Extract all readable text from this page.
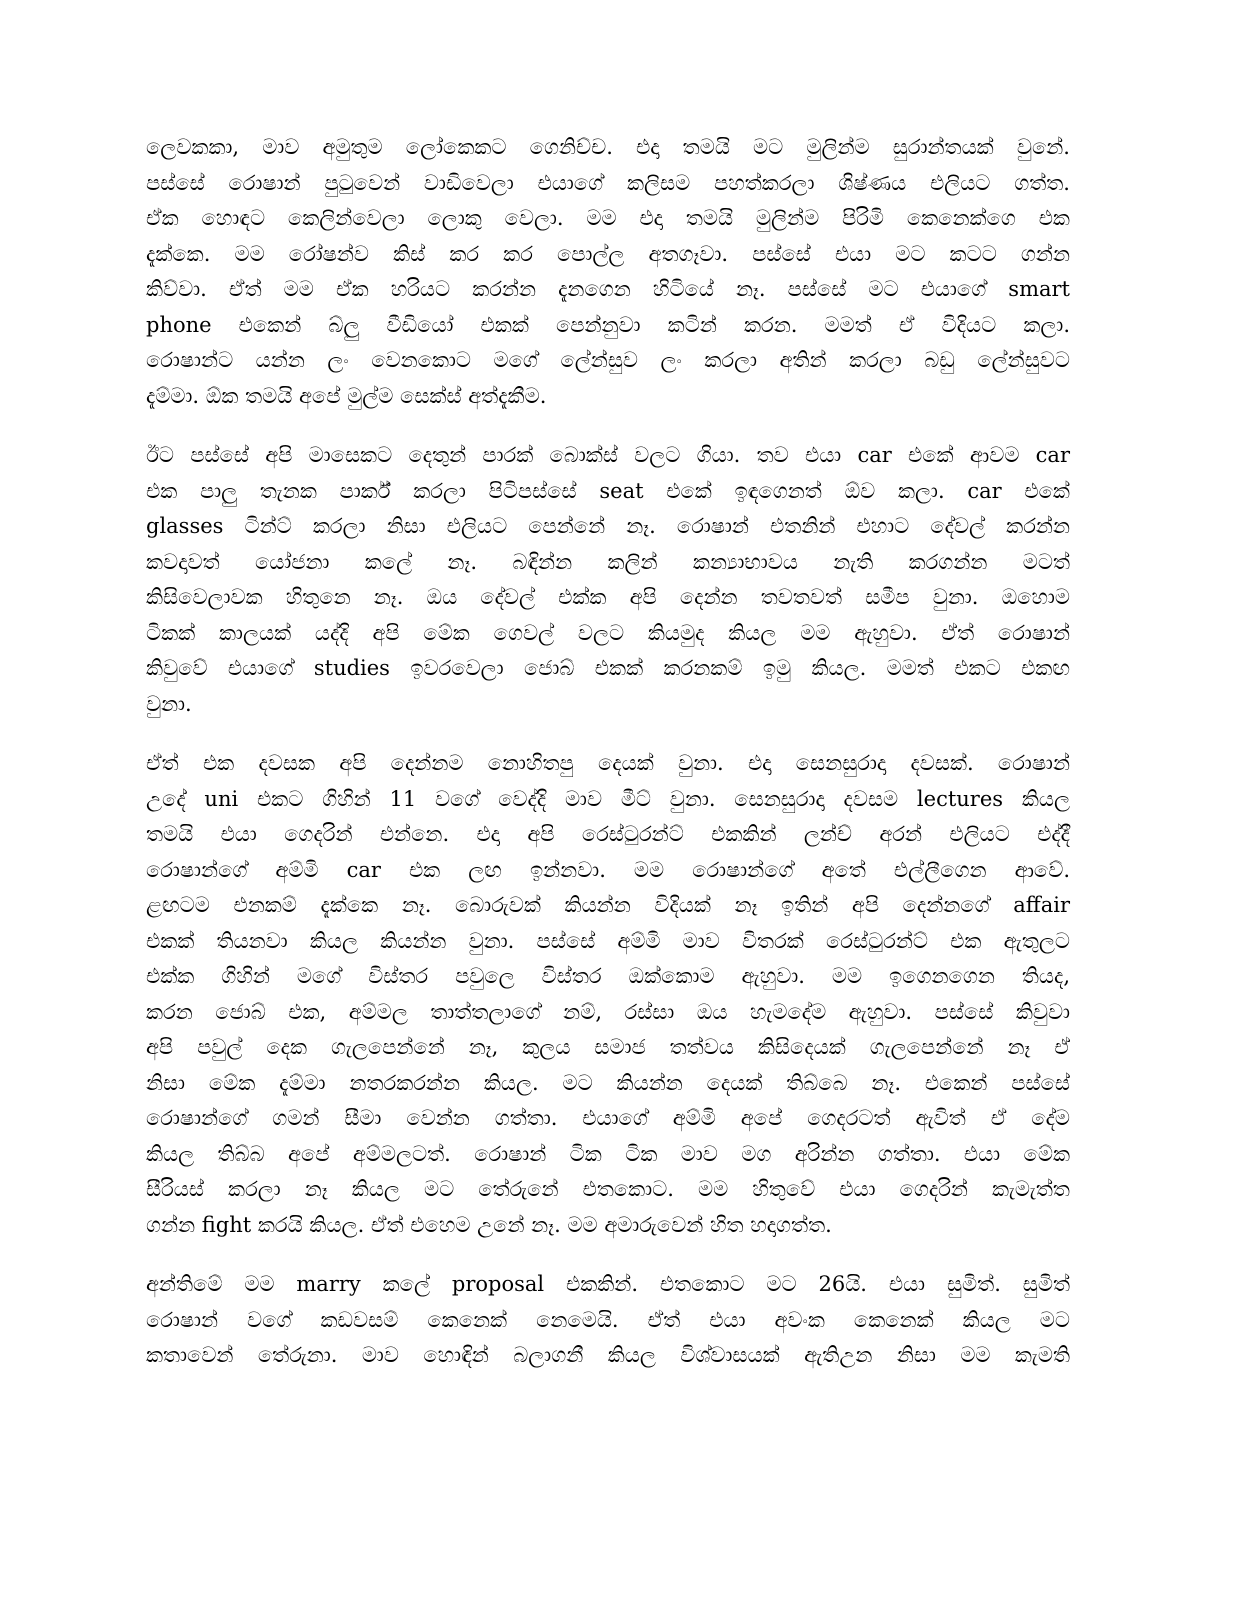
ලෙවකකා, මාව අමුතුම ලෝකෙකට ගෙනිච්ච. එදා තමයි මට මුලින්ම සුරාන්තයක් වුනේ.
පස්සේ රොෂාන් පුටුවෙන් වාඩිවෙලා එයාගේ කලිසම පහත්කරලා ශිෂ්ණය එලියට ගත්ත.
ඒක හොඳට කෙලින්වෙලා ලොකු වෙලා. මම එදා තමයි මුලින්ම පිරිමි කෙනෙක්ගෙ එක
දැක්කෙ. මම රෝෂන්ව කිස් කර කර පොල්ල අතගෑවා. පස්සේ එයා මට කටට ගන්න
කිව්වා. ඒත් මම ඒක හරියට කරන්න දැනගෙන හිටියේ නෑ. පස්සේ මට එයාගේ smart
phone එකෙන් බ්ලු වීඩියෝ එකක් පෙන්නුවා කටින් කරන. මමත් ඒ විදියට කලා.
රොෂාන්ට යන්න ලං වෙනකොට මගේ ලේන්සුව ලං කරලා අතින් කරලා බඩු ලේන්සුවට
දැම්මා. ඕක තමයි අපේ මුල්ම සෙක්ස් අත්දැකීම.
ඊට පස්සේ අපි මාසෙකට දෙතුන් පාරක් බොක්ස් වලට ගියා. තව එයා car එකේ ආවම car
එක පාලු තැනක පාර්ක් කරලා පිටිපස්සේ seat එකේ ඉඳගෙනත් ඕව කලා. car එකේ
glasses ටින්ට් කරලා නිසා එලියට පෙන්නේ නෑ. රොෂාන් එතනින් එහාට දේවල් කරන්න
කවදාවත් යෝජනා කලේ නෑ. බඳින්න කලින් කන්‍යාභාවය නැති කරගන්න මටත්
කිසිවෙලාවක හිතුනෙ නෑ. ඔය දේවල් එක්ක අපි දෙන්න තවතවත් සමීප වුනා. ඔහොම
ටිකක් කාලයක් යද්දි අපි මේක ගෙවල් වලට කියමුද කියල මම ඇහුවා. ඒත් රොෂාන්
කිවුවේ එයාගේ studies ඉවරවෙලා ජොබ් එකක් කරනකම් ඉමු කියල. මමත් එකට එකඟ
වුනා.
ඒත් එක දවසක අපි දෙන්නම නොහිතපු දෙයක් වුනා. එදා සෙනසුරාදා දවසක්. රොෂාන්
උදේ uni එකට ගිහින් 11 වගේ වෙද්දි මාව මීට් වුනා. සෙනසුරාදා දවසම lectures කියල
තමයි එයා ගෙදරින් එන්නෙ. එදා අපි රෙස්ටුරන්ට් එකකින් ලන්ච් අරන් එලියට එද්දී
රොෂාන්ගේ අම්මි car එක ලඟ ඉන්නවා. මම රොෂාන්ගේ අතේ එල්ලීගෙන ආවේ.
ළඟටම එනකම් දැක්කෙ නෑ. බොරුවක් කියන්න විදියක් නෑ ඉතින් අපි දෙන්නගේ affair
එකක් තියනවා කියල කියන්න වුනා. පස්සේ අම්මි මාව විතරක් රෙස්ටුරන්ට් එක ඇතුලට
එක්ක ගිහින් මගේ විස්තර පවුලෙ විස්තර ඔක්කොම ඇහුවා. මම ඉගෙනගෙන තියද,
කරන ජොබ් එක, අම්මල තාත්තලාගේ නම්, රස්සා ඔය හැමදේම ඇහුවා. පස්සේ කිවුවා
අපි පවුල් දෙක ගැලපෙන්නේ නෑ, කුලය සමාජ තත්වය කිසිදෙයක් ගැලපෙන්නේ නෑ ඒ
නිසා මේක දැම්මා නතරකරන්න කියල. මට කියන්න දෙයක් තිබ්බෙ නෑ. එකෙන් පස්සේ
රොෂාන්ගේ ගමන් සීමා වෙන්න ගත්තා. එයාගේ අම්මි අපේ ගෙදරටත් ඇවිත් ඒ දේම
කියල තිබ්බ අපේ අම්මලටත්. රොෂාන් ටික ටික මාව මග අරින්න ගත්තා. එයා මේක
සීරියස් කරලා නෑ කියල මට තේරුනේ එතකොට. මම හිතුවේ එයා ගෙදරින් කැමැත්ත
ගන්න fight කරයි කියල. ඒත් එහෙම උනේ නෑ. මම අමාරුවෙන් හිත හදාගත්ත.
අන්තිමේ මම marry කලේ proposal එකකින්. එතකොට මට 26යි. එයා සුමිත්. සුමිත්
රොෂාන් වගේ කඩවසම් කෙනෙක් නෙමෙයි. ඒත් එයා අවංක කෙනෙක් කියල මට
කතාවෙන් තේරුනා. මාව හොඳින් බලාගනී කියල විශ්වාසයක් ඇතිඋන නිසා මම කැමති
